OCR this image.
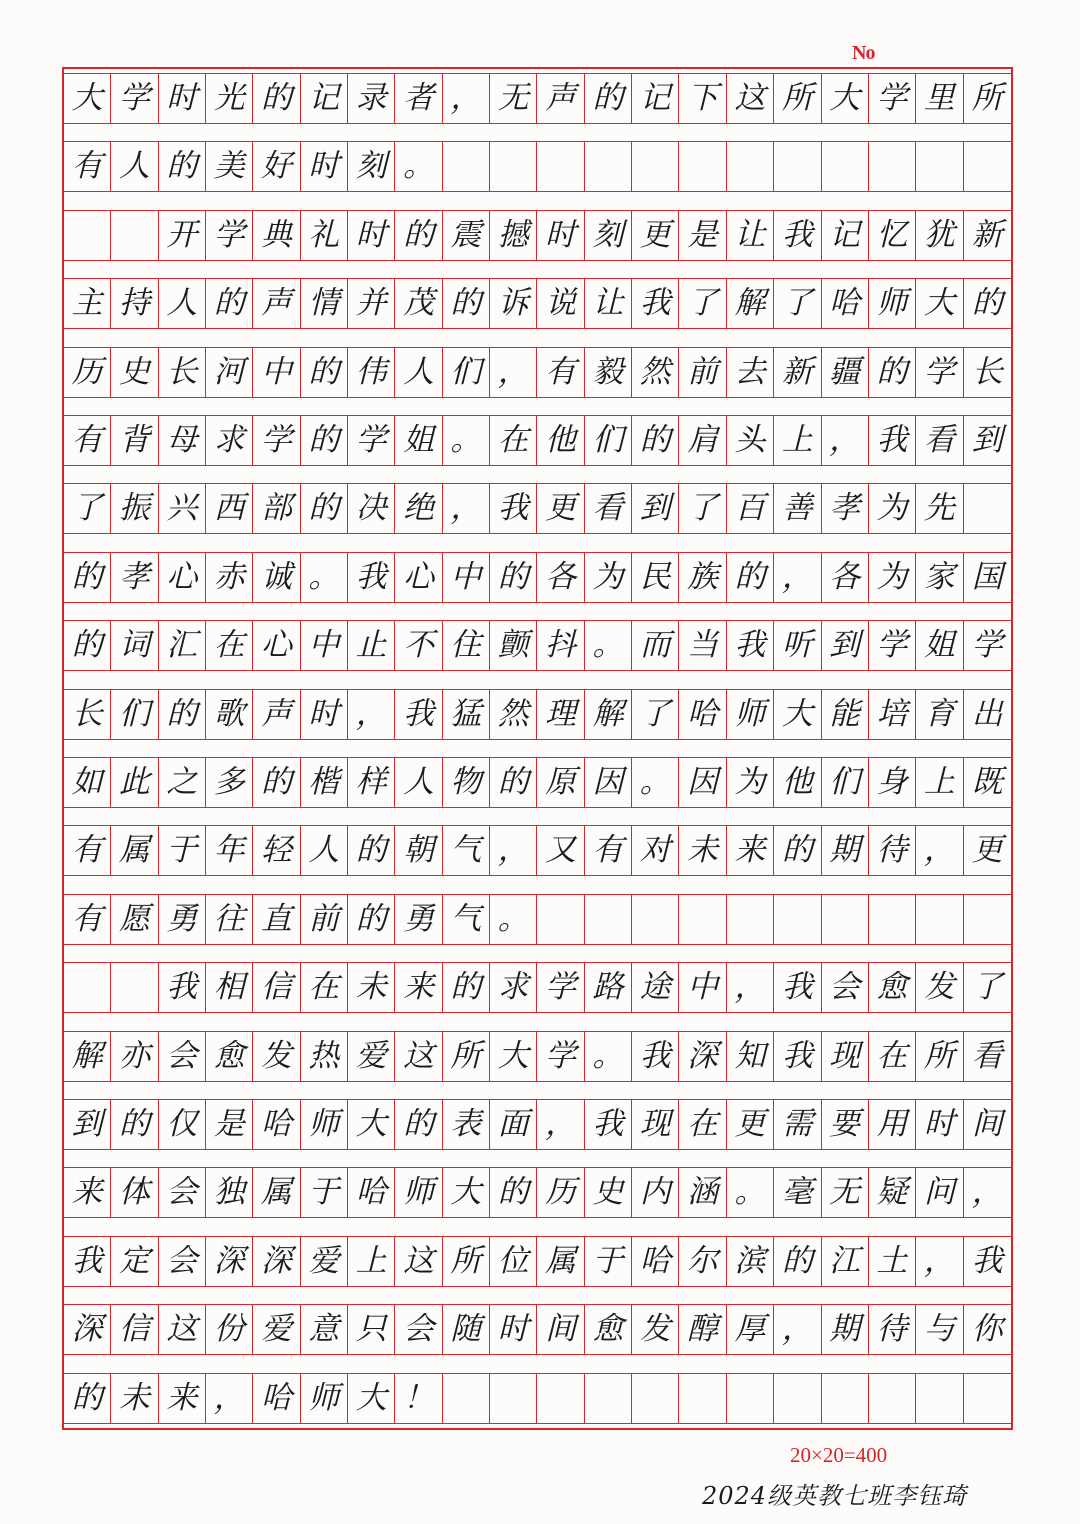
No
大 学 时 光 的 记 录 者 ， 无 声 的 记 下 这 所 大 学 里 所
有 人 的 美 好 时 刻 。
开 学 典 礼 时 的 震 撼 时 刻 更 是 让 我 记 忆 犹 新
主 持 人 的 声 情 并 茂 的 诉 说 让 我 了 解 了 哈 师 大 的
历 史 长 河 中 的 伟 人 们 ， 有 毅 然 前 去 新 疆 的 学 长
有 背 母 求 学 的 学 姐 。 在 他 们 的 肩 头 上 ， 我 看 到
了 振 兴 西 部 的 决 绝 ， 我 更 看 到 了 百 善 孝 为 先
的 孝 心 赤 诚 。 我 心 中 的 各 为 民 族 的 ， 各 为 家 国
的 词 汇 在 心 中 止 不 住 颤 抖 。 而 当 我 听 到 学 姐 学
长 们 的 歌 声 时 ， 我 猛 然 理 解 了 哈 师 大 能 培 育 出
如 此 之 多 的 楷 样 人 物 的 原 因 。 因 为 他 们 身 上 既
有 属 于 年 轻 人 的 朝 气 ， 又 有 对 未 来 的 期 待 ， 更
有 愿 勇 往 直 前 的 勇 气 。
我 相 信 在 未 来 的 求 学 路 途 中 ， 我 会 愈 发 了
解 亦 会 愈 发 热 爱 这 所 大 学 。 我 深 知 我 现 在 所 看
到 的 仅 是 哈 师 大 的 表 面 ， 我 现 在 更 需 要 用 时 间
来 体 会 独 属 于 哈 师 大 的 历 史 内 涵 。 毫 无 疑 问 ，
我 定 会 深 深 爱 上 这 所 位 属 于 哈 尔 滨 的 江 土 ， 我
深 信 这 份 爱 意 只 会 随 时 间 愈 发 醇 厚 ， 期 待 与 你
的 未 来 ， 哈 师 大 ！
20×20=400
2024级英教七班李钰琦
